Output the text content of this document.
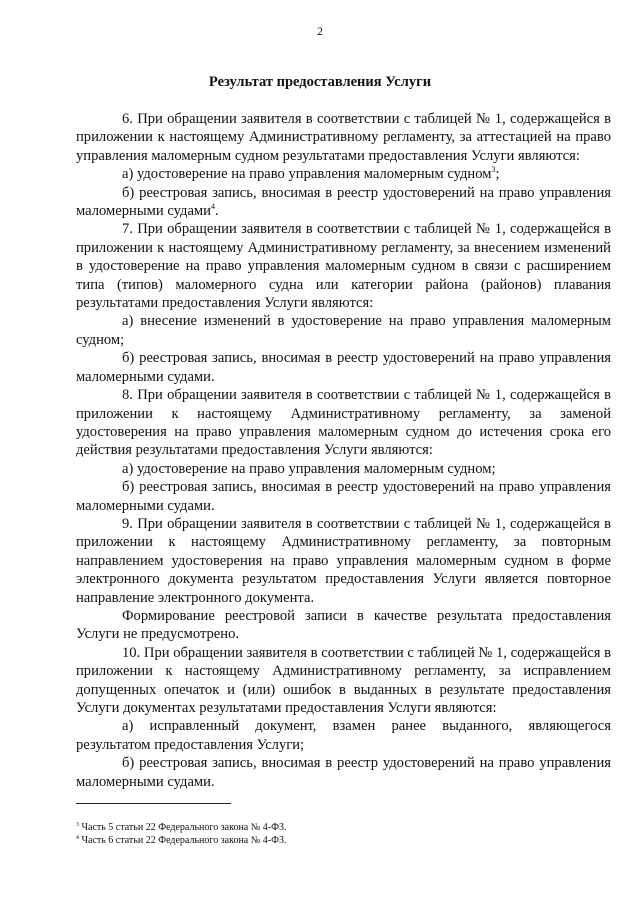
2
Результат предоставления Услуги

6. При обращении заявителя в соответствии с таблицей № 1, содержащейся в приложении к настоящему Административному регламенту, за аттестацией на право управления маломерным судном результатами предоставления Услуги являются:

а) удостоверение на право управления маломерным судном$^3$;

б) реестровая запись, вносимая в реестр удостоверений на право управления маломерными судами$^4$.

7. При обращении заявителя в соответствии с таблицей № 1, содержащейся в приложении к настоящему Административному регламенту, за внесением изменений в удостоверение на право управления маломерным судном в связи с расширением типа (типов) маломерного судна или категории района (районов) плавания результатами предоставления Услуги являются:

а) внесение изменений в удостоверение на право управления маломерным судном;

б) реестровая запись, вносимая в реестр удостоверений на право управления маломерными судами.

8. При обращении заявителя в соответствии с таблицей № 1, содержащейся в приложении к настоящему Административному регламенту, за заменой удостоверения на право управления маломерным судном до истечения срока его действия результатами предоставления Услуги являются:

а) удостоверение на право управления маломерным судном;

б) реестровая запись, вносимая в реестр удостоверений на право управления маломерными судами.

9. При обращении заявителя в соответствии с таблицей № 1, содержащейся в приложении к настоящему Административному регламенту, за повторным направлением удостоверения на право управления маломерным судном в форме электронного документа результатом предоставления Услуги является повторное направление электронного документа.

Формирование реестровой записи в качестве результата предоставления Услуги не предусмотрено.

10. При обращении заявителя в соответствии с таблицей № 1, содержащейся в приложении к настоящему Административному регламенту, за исправлением допущенных опечаток и (или) ошибок в выданных в результате предоставления Услуги документах результатами предоставления Услуги являются:

а) исправленный документ, взамен ранее выданного, являющегося результатом предоставления Услуги;

б) реестровая запись, вносимая в реестр удостоверений на право управления маломерными судами.

$^3$ Часть 5 статьи 22 Федерального закона № 4-ФЗ.
$^4$ Часть 6 статьи 22 Федерального закона № 4-ФЗ.
